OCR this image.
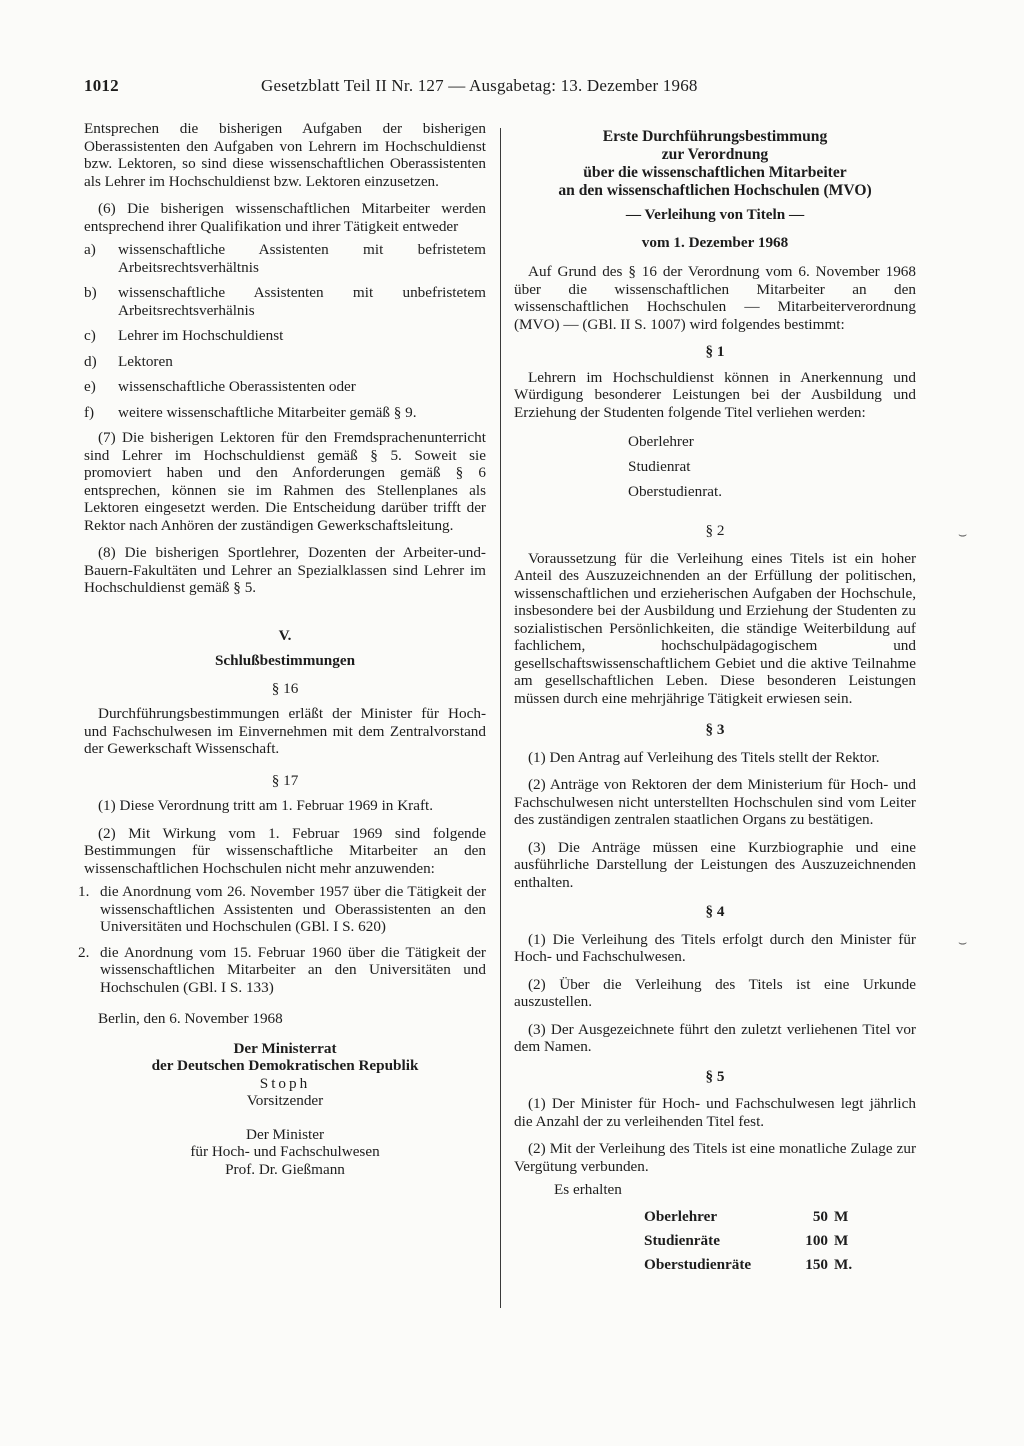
1012	Gesetzblatt Teil II Nr. 127 — Ausgabetag: 13. Dezember 1968
⌣
⌣

Entsprechen die bisherigen Aufgaben der bisherigen Oberassistenten den Aufgaben von Lehrern im Hochschuldienst bzw. Lektoren, so sind diese wissenschaftlichen Oberassistenten als Lehrer im Hochschuldienst bzw. Lektoren einzusetzen.

(6) Die bisherigen wissenschaftlichen Mitarbeiter werden entsprechend ihrer Qualifikation und ihrer Tätigkeit entweder

a)	wissenschaftliche Assistenten mit befristetem Arbeitsrechtsverhältnis
b)	wissenschaftliche Assistenten mit unbefristetem Arbeitsrechtsverhälnis
c)	Lehrer im Hochschuldienst
d)	Lektoren
e)	wissenschaftliche Oberassistenten oder
f)	weitere wissenschaftliche Mitarbeiter gemäß § 9.

(7) Die bisherigen Lektoren für den Fremdsprachenunterricht sind Lehrer im Hochschuldienst gemäß § 5. Soweit sie promoviert haben und den Anforderungen gemäß § 6 entsprechen, können sie im Rahmen des Stellenplanes als Lektoren eingesetzt werden. Die Entscheidung darüber trifft der Rektor nach Anhören der zuständigen Gewerkschaftsleitung.

(8) Die bisherigen Sportlehrer, Dozenten der Arbeiter-und-Bauern-Fakultäten und Lehrer an Spezialklassen sind Lehrer im Hochschuldienst gemäß § 5.

V.

Schlußbestimmungen

§ 16

Durchführungsbestimmungen erläßt der Minister für Hoch- und Fachschulwesen im Einvernehmen mit dem Zentralvorstand der Gewerkschaft Wissenschaft.

§ 17

(1) Diese Verordnung tritt am 1. Februar 1969 in Kraft.

(2) Mit Wirkung vom 1. Februar 1969 sind folgende Bestimmungen für wissenschaftliche Mitarbeiter an den wissenschaftlichen Hochschulen nicht mehr anzuwenden:

1. die Anordnung vom 26. November 1957 über die Tätigkeit der wissenschaftlichen Assistenten und Oberassistenten an den Universitäten und Hochschulen (GBl. I S. 620)
2. die Anordnung vom 15. Februar 1960 über die Tätigkeit der wissenschaftlichen Mitarbeiter an den Universitäten und Hochschulen (GBl. I S. 133)

Berlin, den 6. November 1968

Der Ministerrat
der Deutschen Demokratischen Republik
Stoph
Vorsitzender
Der Minister
für Hoch- und Fachschulwesen
Prof. Dr. Gießmann
Erste Durchführungsbestimmung
zur Verordnung
über die wissenschaftlichen Mitarbeiter
an den wissenschaftlichen Hochschulen (MVO)

— Verleihung von Titeln —

vom 1. Dezember 1968

Auf Grund des § 16 der Verordnung vom 6. November 1968 über die wissenschaftlichen Mitarbeiter an den wissenschaftlichen Hochschulen — Mitarbeiterverordnung (MVO) — (GBl. II S. 1007) wird folgendes bestimmt:

§ 1

Lehrern im Hochschuldienst können in Anerkennung und Würdigung besonderer Leistungen bei der Ausbildung und Erziehung der Studenten folgende Titel verliehen werden:

Oberlehrer
Studienrat
Oberstudienrat.

§ 2

Voraussetzung für die Verleihung eines Titels ist ein hoher Anteil des Auszuzeichnenden an der Erfüllung der politischen, wissenschaftlichen und erzieherischen Aufgaben der Hochschule, insbesondere bei der Ausbildung und Erziehung der Studenten zu sozialistischen Persönlichkeiten, die ständige Weiterbildung auf fachlichem, hochschulpädagogischem und gesellschaftswissenschaftlichem Gebiet und die aktive Teilnahme am gesellschaftlichen Leben. Diese besonderen Leistungen müssen durch eine mehrjährige Tätigkeit erwiesen sein.

§ 3

(1) Den Antrag auf Verleihung des Titels stellt der Rektor.

(2) Anträge von Rektoren der dem Ministerium für Hoch- und Fachschulwesen nicht unterstellten Hochschulen sind vom Leiter des zuständigen zentralen staatlichen Organs zu bestätigen.

(3) Die Anträge müssen eine Kurzbiographie und eine ausführliche Darstellung der Leistungen des Auszuzeichnenden enthalten.

§ 4

(1) Die Verleihung des Titels erfolgt durch den Minister für Hoch- und Fachschulwesen.

(2) Über die Verleihung des Titels ist eine Urkunde auszustellen.

(3) Der Ausgezeichnete führt den zuletzt verliehenen Titel vor dem Namen.

§ 5

(1) Der Minister für Hoch- und Fachschulwesen legt jährlich die Anzahl der zu verleihenden Titel fest.

(2) Mit der Verleihung des Titels ist eine monatliche Zulage zur Vergütung verbunden.

Es erhalten

Oberlehrer	50	M
Studienräte	100	M
Oberstudienräte	150	M.
